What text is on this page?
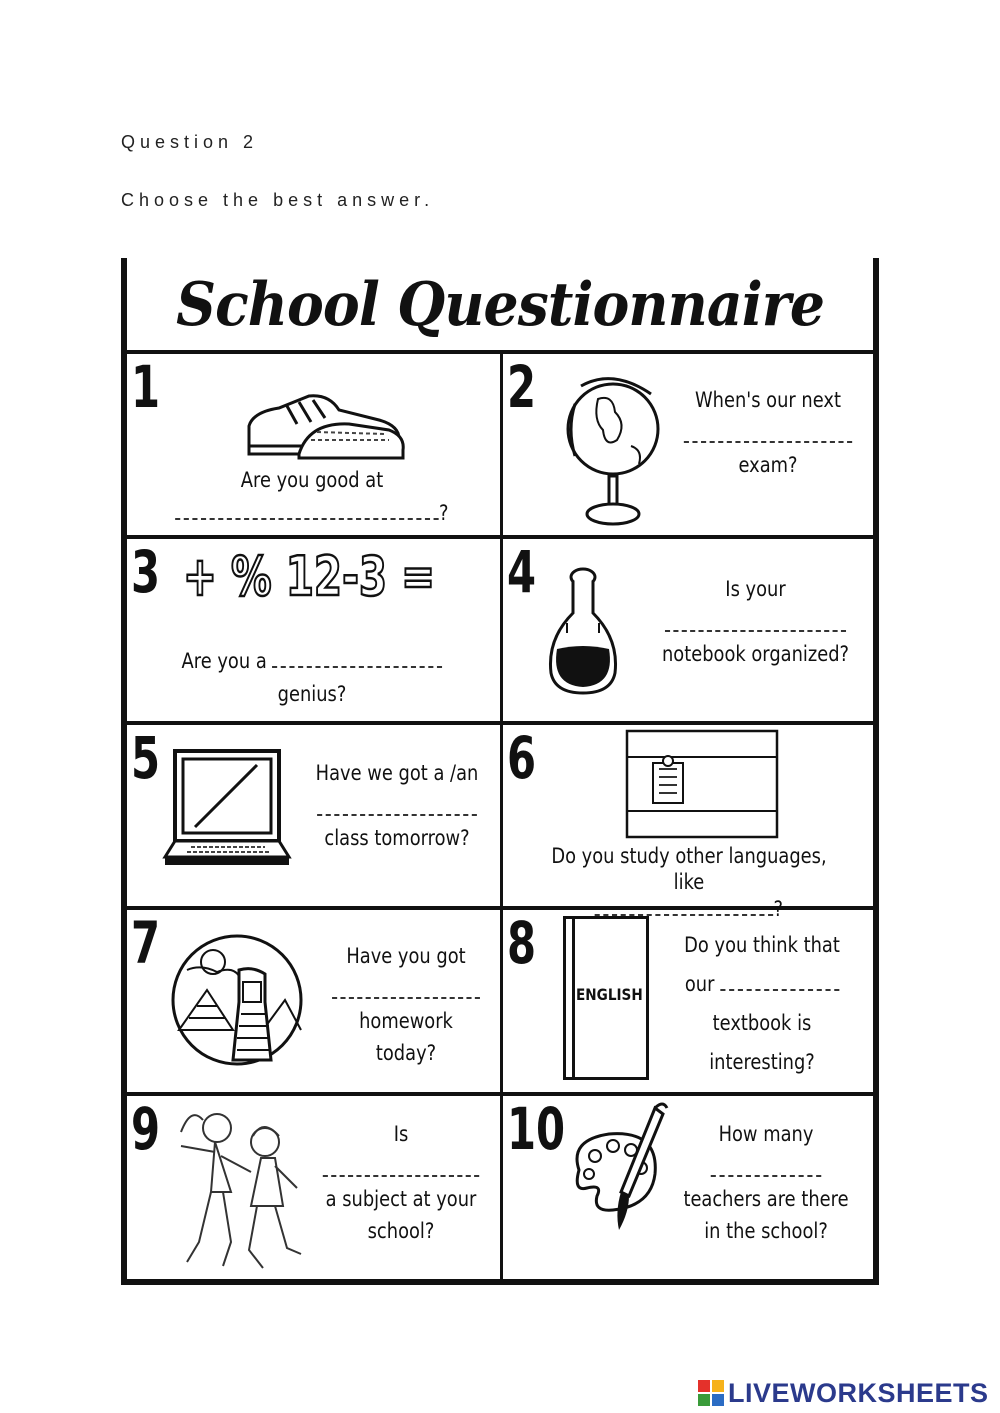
Question 2
Choose the best answer.
School Questionnaire
1
Are you good at
?
2	When's our next
exam?
3 + % 12-3 =
Are you a
genius?
4	Is your
notebook organized?
5	Have we got a /an
class tomorrow?
6
Do you study other languages, like
?
7	Have you got
homework today?
8
ENGLISH
Do you think that
our
textbook is interesting?
9	Is
a subject at your school?
10	How many
teachers are there in the school?
LIVEWORKSHEETS
